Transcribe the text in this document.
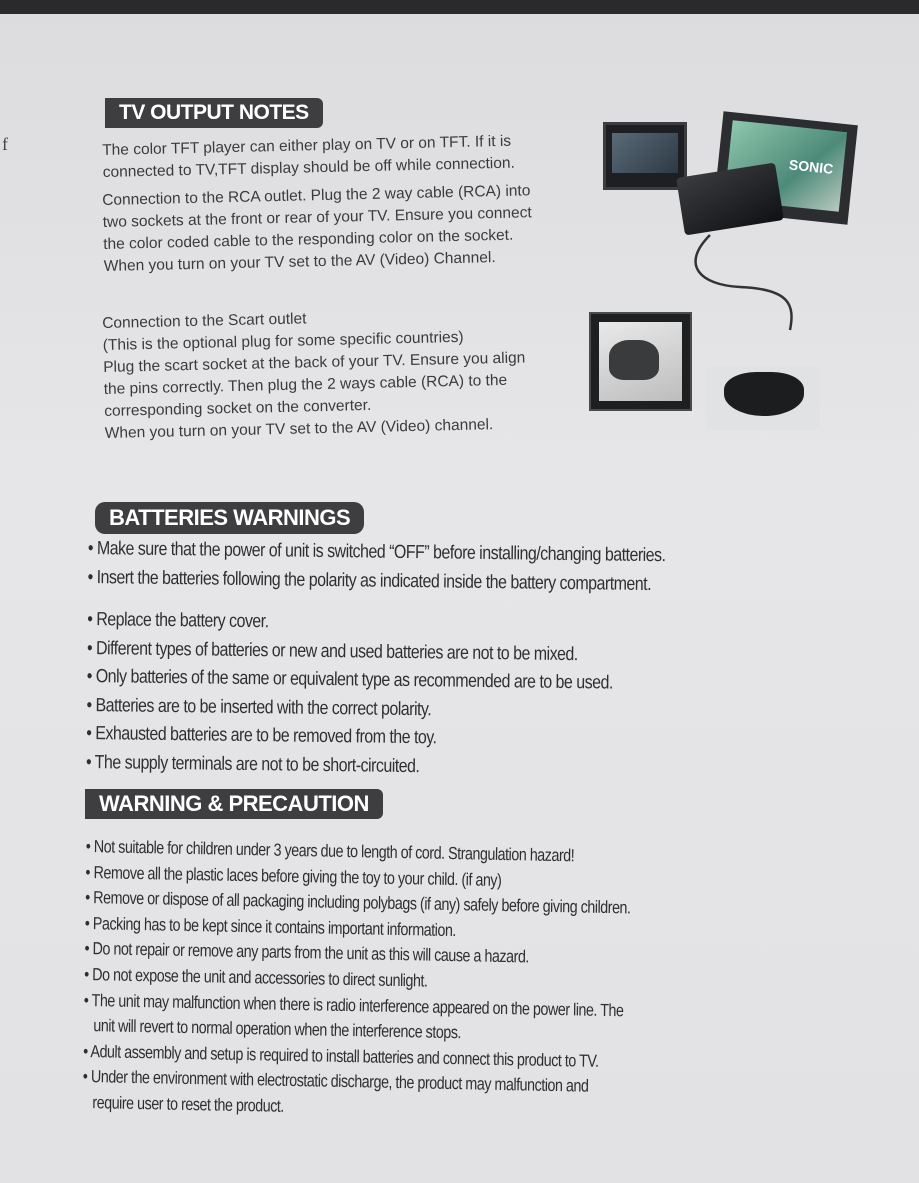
f
TV OUTPUT NOTES
The color TFT player can either play on TV or on TFT. If it is
connected to TV,TFT display should be off while connection.
Connection to the RCA outlet. Plug the 2 way cable (RCA) into
two sockets at the front or rear of your TV. Ensure you connect
the color coded cable to the responding color on the socket.
When you turn on your TV set to the AV (Video) Channel.
Connection to the Scart outlet
(This is the optional plug for some specific countries)
Plug the scart socket at the back of your TV. Ensure you align
the pins correctly. Then plug the 2 ways cable (RCA) to the
corresponding socket on the converter.
When you turn on your TV set to the AV (Video) channel.
SONIC
BATTERIES WARNINGS
• Make sure that the power of unit is switched “OFF” before installing/changing batteries.
• Insert the batteries following the polarity as indicated inside the battery compartment.
• Replace the battery cover.
• Different types of batteries or new and used batteries are not to be mixed.
• Only batteries of the same or equivalent type as recommended are to be used.
• Batteries are to be inserted with the correct polarity.
• Exhausted batteries are to be removed from the toy.
• The supply terminals are not to be short-circuited.
WARNING & PRECAUTION
• Not suitable for children under 3 years due to length of cord. Strangulation hazard!
• Remove all the plastic laces before giving the toy to your child. (if any)
• Remove or dispose of all packaging including polybags (if any) safely before giving children.
• Packing has to be kept since it contains important information.
• Do not repair or remove any parts from the unit as this will cause a hazard.
• Do not expose the unit and accessories to direct sunlight.
• The unit may malfunction when there is radio interference appeared on the power line. The
unit will revert to normal operation when the interference stops.
• Adult assembly and setup is required to install batteries and connect this product to TV.
• Under the environment with electrostatic discharge, the product may malfunction and
require user to reset the product.
